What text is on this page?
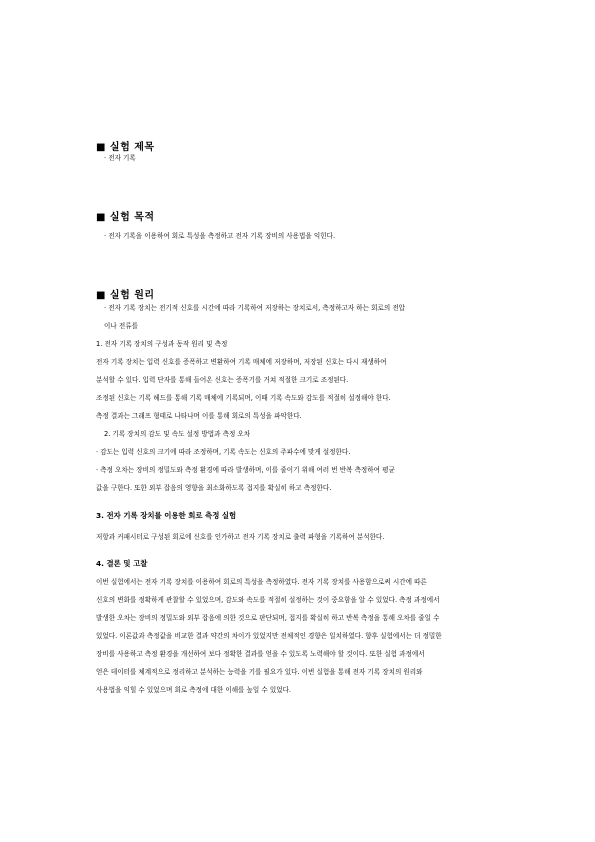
■ 실험 제목
· 전자 기록
■ 실험 목적
· 전자 기록을 이용하여 회로 특성을 측정하고 전자 기록 장비의 사용법을 익힌다.
■ 실험 원리
· 전자 기록 장치는 전기적 신호를 시간에 따라 기록하여 저장하는 장치로서, 측정하고자 하는 회로의 전압
이나 전류를
1. 전자 기록 장치의 구성과 동작 원리 및 측정
전자 기록 장치는 입력 신호를 증폭하고 변환하여 기록 매체에 저장하며, 저장된 신호는 다시 재생하여
분석할 수 있다. 입력 단자를 통해 들어온 신호는 증폭기를 거쳐 적절한 크기로 조정된다.
조정된 신호는 기록 헤드를 통해 기록 매체에 기록되며, 이때 기록 속도와 감도를 적절히 설정해야 한다.
측정 결과는 그래프 형태로 나타나며 이를 통해 회로의 특성을 파악한다.
2. 기록 장치의 감도 및 속도 설정 방법과 측정 오차
· 감도는 입력 신호의 크기에 따라 조정하며, 기록 속도는 신호의 주파수에 맞게 설정한다.
· 측정 오차는 장비의 정밀도와 측정 환경에 따라 발생하며, 이를 줄이기 위해 여러 번 반복 측정하여 평균
값을 구한다. 또한 외부 잡음의 영향을 최소화하도록 접지를 확실히 하고 측정한다.
3. 전자 기록 장치를 이용한 회로 측정 실험
저항과 커패시터로 구성된 회로에 신호를 인가하고 전자 기록 장치로 출력 파형을 기록하여 분석한다.
4. 결론 및 고찰
이번 실험에서는 전자 기록 장치를 이용하여 회로의 특성을 측정하였다. 전자 기록 장치를 사용함으로써 시간에 따른
신호의 변화를 정확하게 관찰할 수 있었으며, 감도와 속도를 적절히 설정하는 것이 중요함을 알 수 있었다. 측정 과정에서
발생한 오차는 장비의 정밀도와 외부 잡음에 의한 것으로 판단되며, 접지를 확실히 하고 반복 측정을 통해 오차를 줄일 수
있었다. 이론값과 측정값을 비교한 결과 약간의 차이가 있었지만 전체적인 경향은 일치하였다. 향후 실험에서는 더 정밀한
장비를 사용하고 측정 환경을 개선하여 보다 정확한 결과를 얻을 수 있도록 노력해야 할 것이다. 또한 실험 과정에서
얻은 데이터를 체계적으로 정리하고 분석하는 능력을 기를 필요가 있다. 이번 실험을 통해 전자 기록 장치의 원리와
사용법을 익힐 수 있었으며 회로 측정에 대한 이해를 높일 수 있었다.
